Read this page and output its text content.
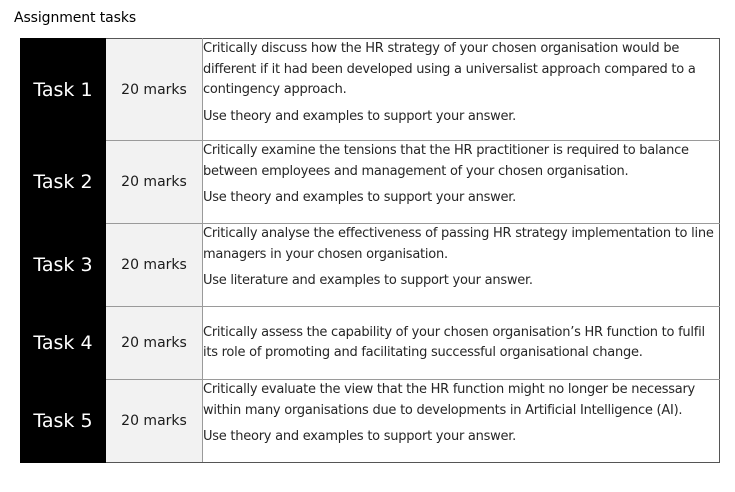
Assignment tasks
Task 1	20 marks	Critically discuss how the HR strategy of your chosen organisation would be different if it had been developed using a universalist approach compared to a contingency approach.

Use theory and examples to support your answer.

Task 2	20 marks	Critically examine the tensions that the HR practitioner is required to balance between employees and management of your chosen organisation.

Use theory and examples to support your answer.

Task 3	20 marks	Critically analyse the effectiveness of passing HR strategy implementation to line managers in your chosen organisation.

Use literature and examples to support your answer.

Task 4	20 marks	Critically assess the capability of your chosen organisation’s HR function to fulfil its role of promoting and facilitating successful organisational change.

Task 5	20 marks	Critically evaluate the view that the HR function might no longer be necessary within many organisations due to developments in Artificial Intelligence (AI).

Use theory and examples to support your answer.
